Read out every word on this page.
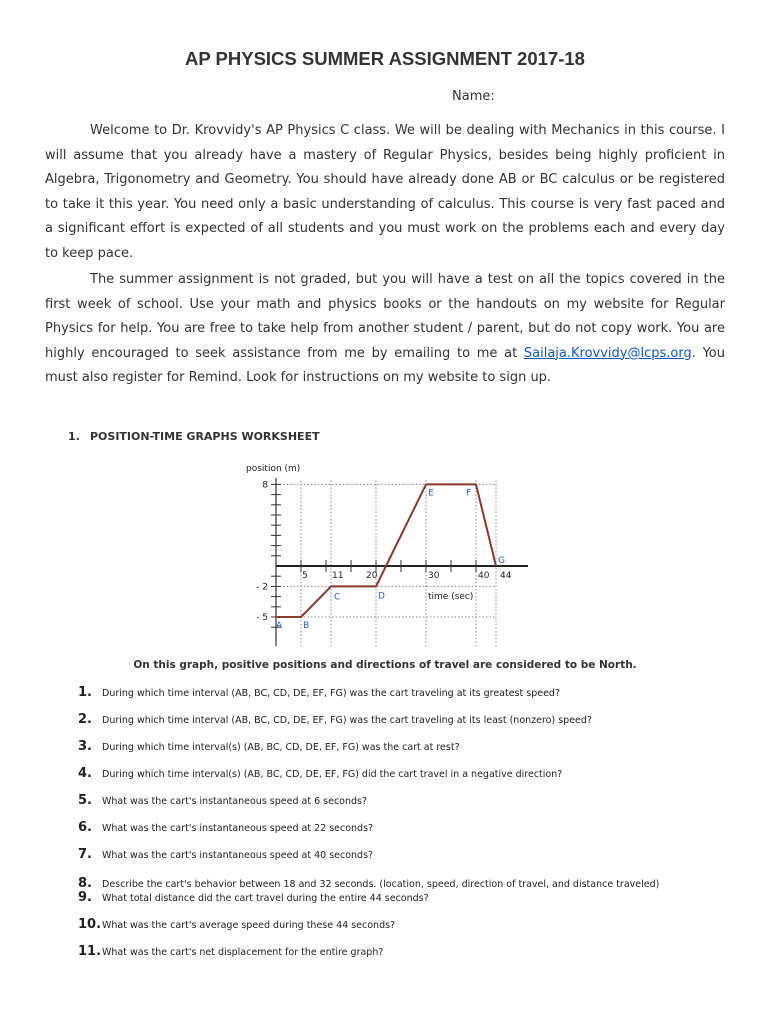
AP PHYSICS SUMMER ASSIGNMENT 2017-18
Name:

Welcome to Dr. Krovvidy's AP Physics C class. We will be dealing with Mechanics in this course. I will assume that you already have a mastery of Regular Physics, besides being highly proficient in Algebra, Trigonometry and Geometry. You should have already done AB or BC calculus or be registered to take it this year. You need only a basic understanding of calculus. This course is very fast paced and a significant effort is expected of all students and you must work on the problems each and every day to keep pace.

The summer assignment is not graded, but you will have a test on all the topics covered in the first week of school. Use your math and physics books or the handouts on my website for Regular Physics for help. You are free to take help from another student / parent, but do not copy work. You are highly encouraged to seek assistance from me by emailing to me at Sailaja.Krovvidy@lcps.org. You must also register for Remind. Look for instructions on my website to sign up.

1. POSITION-TIME GRAPHS WORKSHEET
position (m)
time (sec)
5	11	20	30	40 44
8
- 2
- 5
A B
C	D
E	F
G
On this graph, positive positions and directions of travel are considered to be North.
1. During which time interval (AB, BC, CD, DE, EF, FG) was the cart traveling at its greatest speed?
2. During which time interval (AB, BC, CD, DE, EF, FG) was the cart traveling at its least (nonzero) speed?
3. During which time interval(s) (AB, BC, CD, DE, EF, FG) was the cart at rest?
4. During which time interval(s) (AB, BC, CD, DE, EF, FG) did the cart travel in a negative direction?
5. What was the cart's instantaneous speed at 6 seconds?
6. What was the cart's instantaneous speed at 22 seconds?
7. What was the cart's instantaneous speed at 40 seconds?
8. Describe the cart's behavior between 18 and 32 seconds. (location, speed, direction of travel, and distance traveled)
9. What total distance did the cart travel during the entire 44 seconds?
10.What was the cart's average speed during these 44 seconds?
11.What was the cart's net displacement for the entire graph?
